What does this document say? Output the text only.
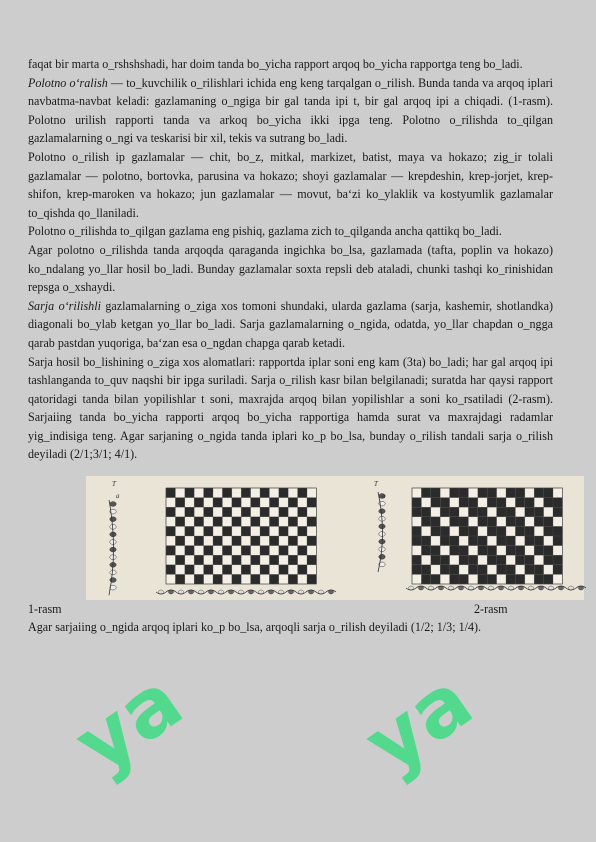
faqat bir marta o_rshshshadi, har doim tanda bo_yicha rapport arqoq bo_yicha rapportga teng bo_ladi.

Polotno o‘ralish — to_kuvchilik o_rilishlari ichida eng keng tarqalgan o_rilish. Bunda tanda va arqoq iplari navbatma-navbat keladi: gazlamaning o_ngiga bir gal tanda ipi t, bir gal arqoq ipi a chiqadi. (1-rasm). Polotno urilish rapporti tanda va arkoq bo_yicha ikki ipga teng. Polotno o_rilishda to_qilgan gazlamalarning o_ngi va teskarisi bir xil, tekis va sutrang bo_ladi.

Polotno o_rilish ip gazlamalar — chit, bo_z, mitkal, markizet, batist, maya va hokazo; zig_ir tolali gazlamalar — polotno, bortovka, parusina va hokazo; shoyi gazlamalar — krepdeshin, krep-jorjet, krep-shifon, krep-maroken va hokazo; jun gazlamalar — movut, ba‘zi ko_ylaklik va kostyumlik gazlamalar to_qishda qo_llaniladi.

Polotno o_rilishda to_qilgan gazlama eng pishiq, gazlama zich to_qilganda ancha qattikq bo_ladi.

Agar polotno o_rilishda tanda arqoqda qaraganda ingichka bo_lsa, gazlamada (tafta, poplin va hokazo) ko_ndalang yo_llar hosil bo_ladi. Bunday gazlamalar soxta repsli deb ataladi, chunki tashqi ko_rinishidan repsga o_xshaydi.

Sarja o‘rilishli gazlamalarning o_ziga xos tomoni shundaki, ularda gazlama (sarja, kashemir, shotlandka) diagonali bo_ylab ketgan yo_llar bo_ladi. Sarja gazlamalarning o_ngida, odatda, yo_llar chapdan o_ngga qarab pastdan yuqoriga, ba‘zan esa o_ngdan chapga qarab ketadi.

Sarja hosil bo_lishining o_ziga xos alomatlari: rapportda iplar soni eng kam (3ta) bo_ladi; har gal arqoq ipi tashlanganda to_quv naqshi bir ipga suriladi. Sarja o_rilish kasr bilan belgilanadi; suratda har qaysi rapport qatoridagi tanda bilan yopilishlar t soni, maxrajda arqoq bilan yopilishlar a soni ko_rsatiladi (2-rasm). Sarjaiing tanda bo_yicha rapporti arqoq bo_yicha rapportiga hamda surat va maxrajdagi radamlar yig_indisiga teng. Agar sarjaning o_ngida tanda iplari ko_p bo_lsa, bunday o_rilish tandali sarja o_rilish deyiladi (2/1;3/1; 4/1).

T
a
T
a
1-rasm	2-rasm

Agar sarjaiing o_ngida arqoq iplari ko_p bo_lsa, arqoqli sarja o_rilish deyiladi (1/2; 1/3; 1/4).

ya ya
